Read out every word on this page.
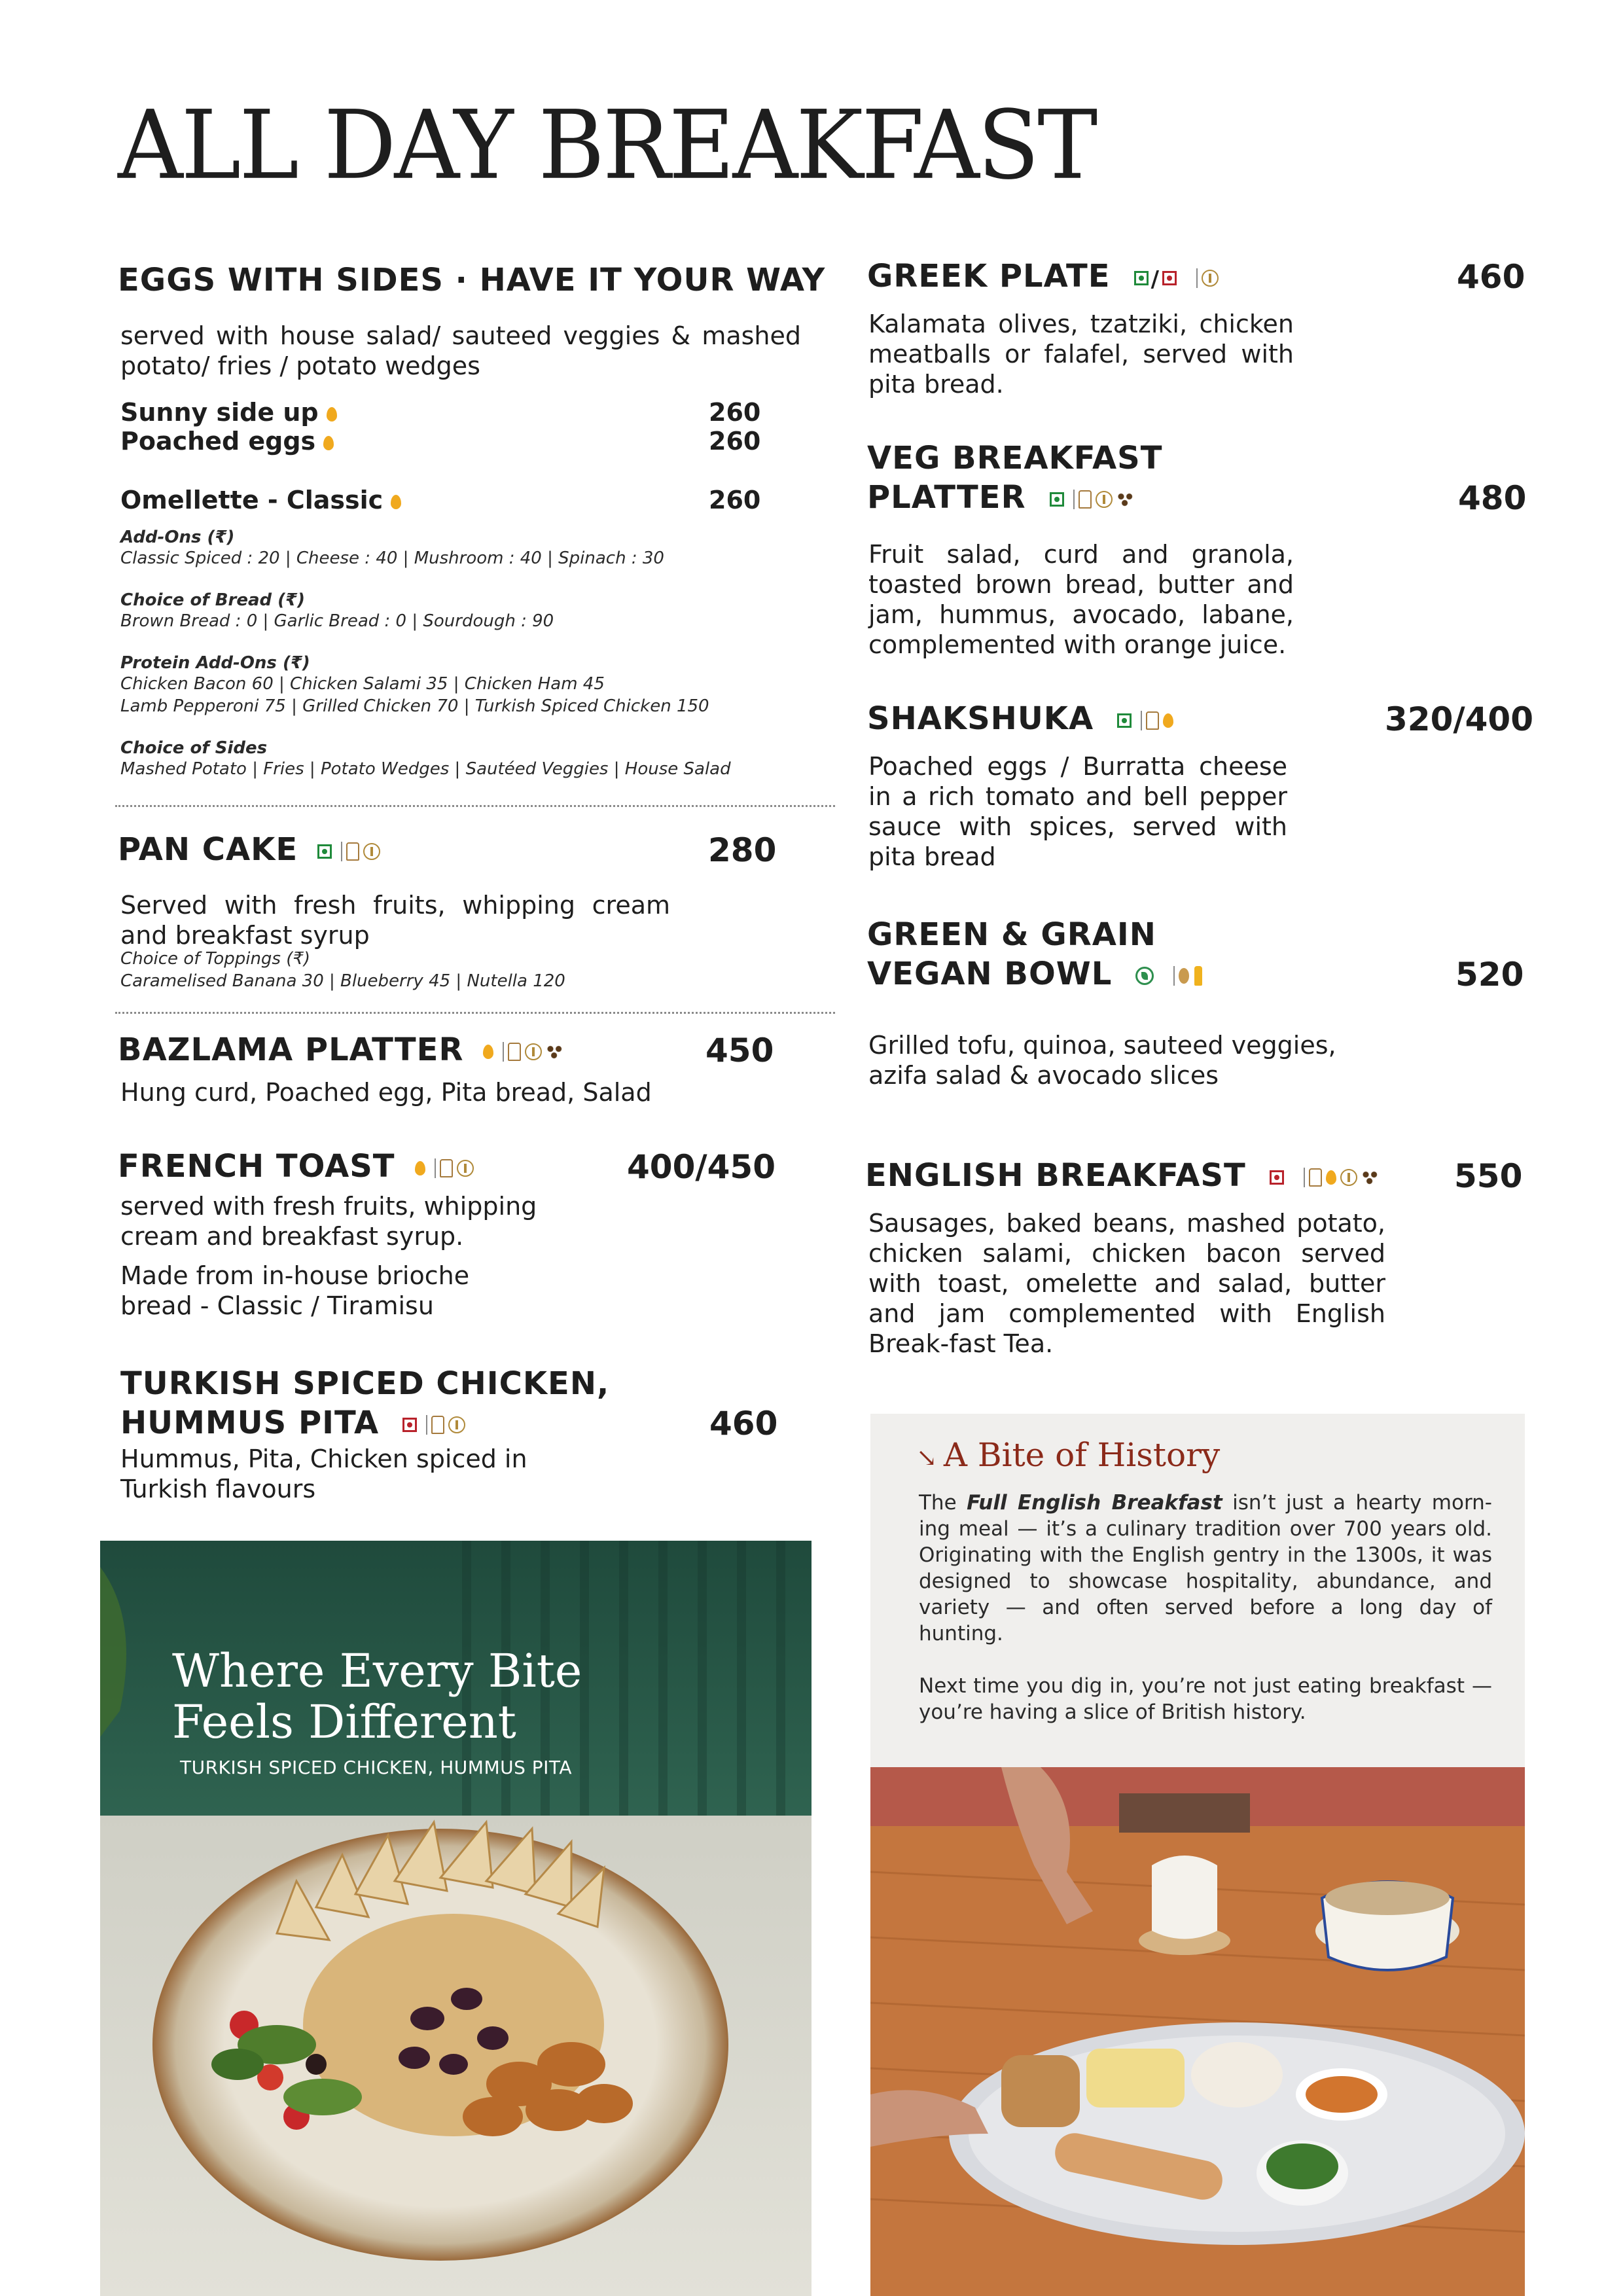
ALL DAY BREAKFAST
EGGS WITH SIDES · HAVE IT YOUR WAY
served with house salad/ sauteed veggies & mashed potato/ fries / potato wedges
Sunny side up	260
Poached eggs	260
Omellette - Classic	260
Add-Ons (₹)
Classic Spiced : 20 | Cheese : 40 | Mushroom : 40 | Spinach : 30
Choice of Bread (₹)
Brown Bread : 0 | Garlic Bread : 0 | Sourdough : 90
Protein Add-Ons (₹)
Chicken Bacon 60 | Chicken Salami 35 | Chicken Ham 45
Lamb Pepperoni 75 | Grilled Chicken 70 | Turkish Spiced Chicken 150
Choice of Sides
Mashed Potato | Fries | Potato Wedges | Sautéed Veggies | House Salad
PAN CAKE	280
Served with fresh fruits, whipping cream and breakfast syrup
Choice of Toppings (₹)
Caramelised Banana 30 | Blueberry 45 | Nutella 120
BAZLAMA PLATTER	450
Hung curd, Poached egg, Pita bread, Salad
FRENCH TOAST	400/450
served with fresh fruits, whipping cream and breakfast syrup.
Made from in-house brioche bread - Classic / Tiramisu
TURKISH SPICED CHICKEN,
HUMMUS PITA	460
Hummus, Pita, Chicken spiced in Turkish flavours
Where Every Bite
Feels Different
TURKISH SPICED CHICKEN, HUMMUS PITA
GREEK PLATE /	460
Kalamata olives, tzatziki, chicken meatballs or falafel, served with pita bread.
VEG BREAKFAST
PLATTER	480
Fruit salad, curd and granola, toasted brown bread, butter and jam, hummus, avocado, labane, complemented with orange juice.
SHAKSHUKA	320/400
Poached eggs / Burratta cheese in a rich tomato and bell pepper sauce with spices, served with pita bread
GREEN & GRAIN
VEGAN BOWL	520
Grilled tofu, quinoa, sauteed veggies, azifa salad & avocado slices
ENGLISH BREAKFAST	550
Sausages, baked beans, mashed potato, chicken salami, chicken bacon served with toast, omelette and salad, butter and jam complemented with English Break-fast Tea.
↘ A Bite of History
The Full English Breakfast isn’t just a hearty morn-ing meal — it’s a culinary tradition over 700 years old. Originating with the English gentry in the 1300s, it was designed to showcase hospitality, abundance, and variety — and often served before a long day of hunting.
Next time you dig in, you’re not just eating breakfast — you’re having a slice of British history.
